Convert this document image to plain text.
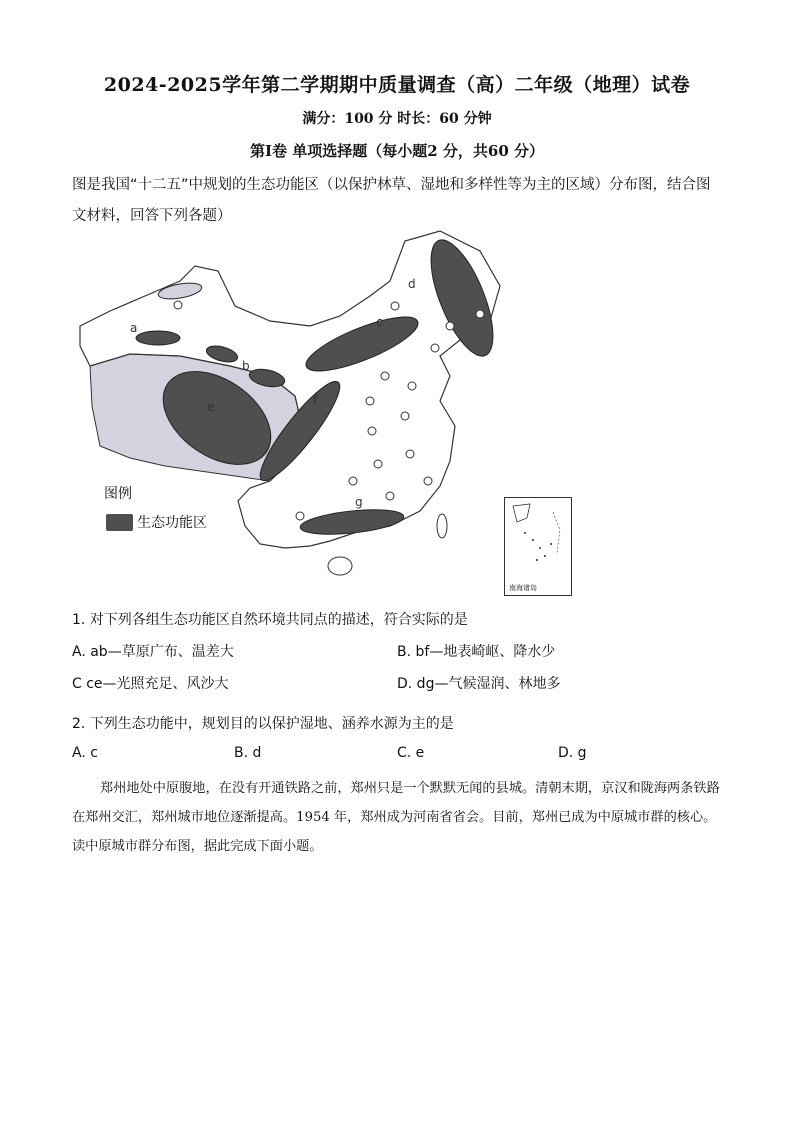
2024-2025学年第二学期期中质量调查（高）二年级（地理）试卷
满分：100 分 时长：60 分钟
第Ⅰ卷 单项选择题（每小题2 分，共60 分）
图是我国“十二五”中规划的生态功能区（以保护林草、湿地和多样性等为主的区域）分布图，结合图文材料，回答下列各题）
a
b
c
d
e	f
g
南海诸岛
图例
生态功能区
1. 对下列各组生态功能区自然环境共同点的描述，符合实际的是
A. ab—草原广布、温差大	B. bf—地表崎岖、降水少
C ce—光照充足、风沙大	D. dg—气候湿润、林地多
2. 下列生态功能中，规划目的以保护湿地、涵养水源为主的是
A. c	B. d	C. e	D. g
郑州地处中原腹地，在没有开通铁路之前，郑州只是一个默默无闻的县城。清朝末期，京汉和陇海两条铁路在郑州交汇，郑州城市地位逐渐提高。1954 年，郑州成为河南省省会。目前，郑州已成为中原城市群的核心。读中原城市群分布图，据此完成下面小题。
